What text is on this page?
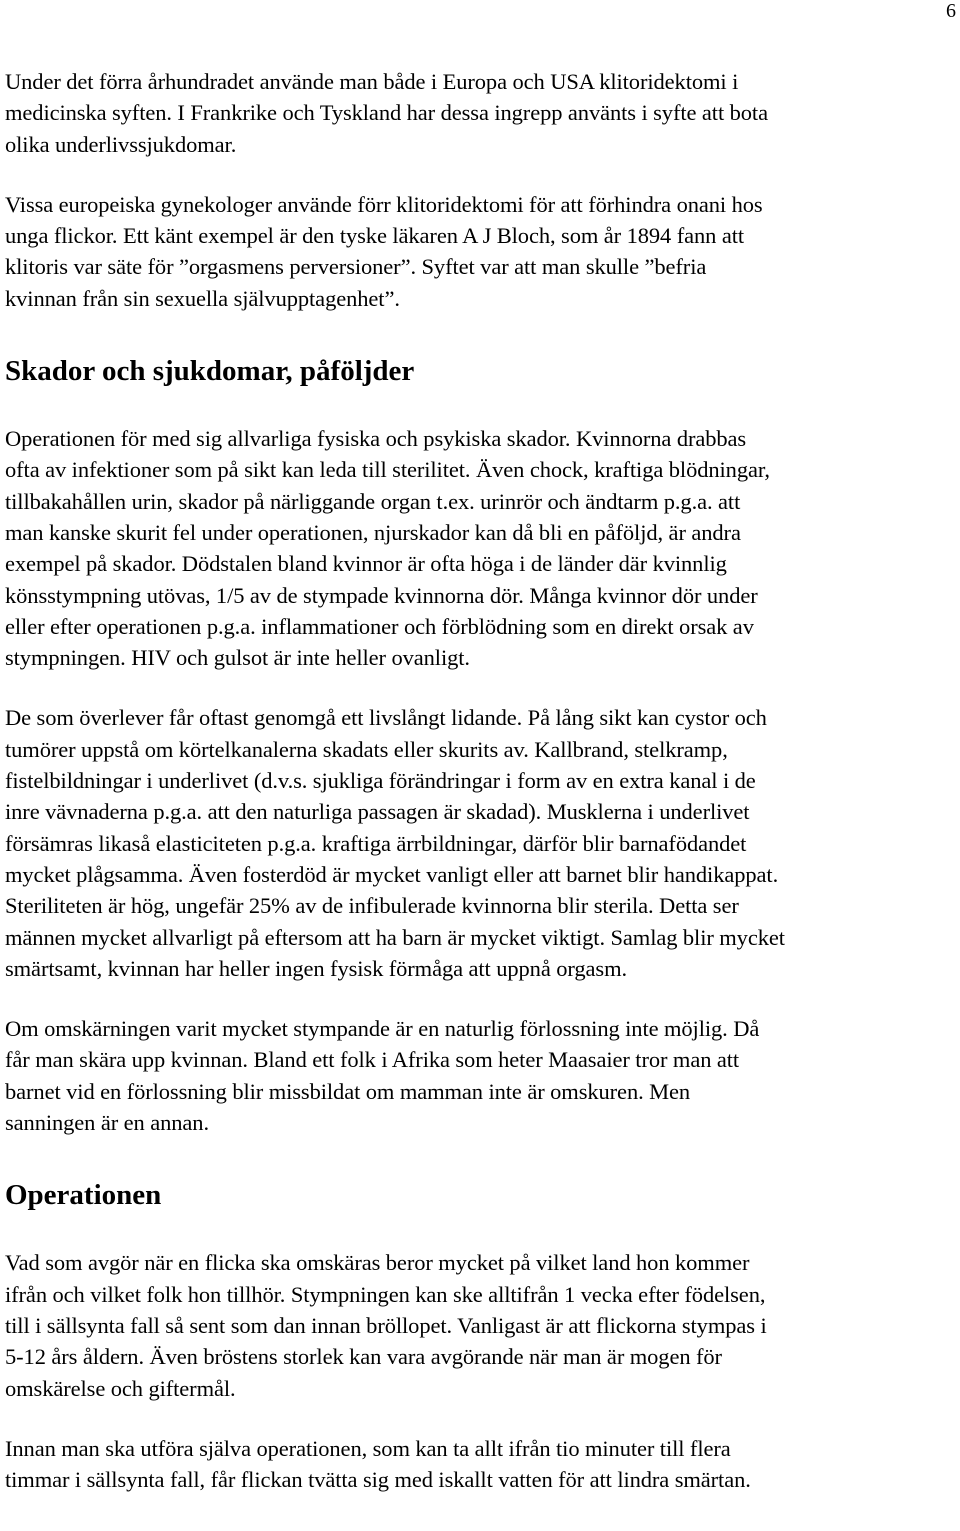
6

Under det förra århundradet använde man både i Europa och USA klitoridektomi i
medicinska syften. I Frankrike och Tyskland har dessa ingrepp använts i syfte att bota
olika underlivssjukdomar.

Vissa europeiska gynekologer använde förr klitoridektomi för att förhindra onani hos
unga flickor. Ett känt exempel är den tyske läkaren A J Bloch, som år 1894 fann att
klitoris var säte för ”orgasmens perversioner”. Syftet var att man skulle ”befria
kvinnan från sin sexuella självupptagenhet”.

Skador och sjukdomar, påföljder

Operationen för med sig allvarliga fysiska och psykiska skador. Kvinnorna drabbas
ofta av infektioner som på sikt kan leda till sterilitet. Även chock, kraftiga blödningar,
tillbakahållen urin, skador på närliggande organ t.ex. urinrör och ändtarm p.g.a. att
man kanske skurit fel under operationen, njurskador kan då bli en påföljd, är andra
exempel på skador. Dödstalen bland kvinnor är ofta höga i de länder där kvinnlig
könsstympning utövas, 1/5 av de stympade kvinnorna dör. Många kvinnor dör under
eller efter operationen p.g.a. inflammationer och förblödning som en direkt orsak av
stympningen. HIV och gulsot är inte heller ovanligt.

De som överlever får oftast genomgå ett livslångt lidande. På lång sikt kan cystor och
tumörer uppstå om körtelkanalerna skadats eller skurits av. Kallbrand, stelkramp,
fistelbildningar i underlivet (d.v.s. sjukliga förändringar i form av en extra kanal i de
inre vävnaderna p.g.a. att den naturliga passagen är skadad). Musklerna i underlivet
försämras likaså elasticiteten p.g.a. kraftiga ärrbildningar, därför blir barnafödandet
mycket plågsamma. Även fosterdöd är mycket vanligt eller att barnet blir handikappat.
Steriliteten är hög, ungefär 25% av de infibulerade kvinnorna blir sterila. Detta ser
männen mycket allvarligt på eftersom att ha barn är mycket viktigt. Samlag blir mycket
smärtsamt, kvinnan har heller ingen fysisk förmåga att uppnå orgasm.

Om omskärningen varit mycket stympande är en naturlig förlossning inte möjlig. Då
får man skära upp kvinnan. Bland ett folk i Afrika som heter Maasaier tror man att
barnet vid en förlossning blir missbildat om mamman inte är omskuren. Men
sanningen är en annan.

Operationen

Vad som avgör när en flicka ska omskäras beror mycket på vilket land hon kommer
ifrån och vilket folk hon tillhör. Stympningen kan ske alltifrån 1 vecka efter födelsen,
till i sällsynta fall så sent som dan innan bröllopet. Vanligast är att flickorna stympas i
5-12 års åldern. Även bröstens storlek kan vara avgörande när man är mogen för
omskärelse och giftermål.

Innan man ska utföra själva operationen, som kan ta allt ifrån tio minuter till flera
timmar i sällsynta fall, får flickan tvätta sig med iskallt vatten för att lindra smärtan.
